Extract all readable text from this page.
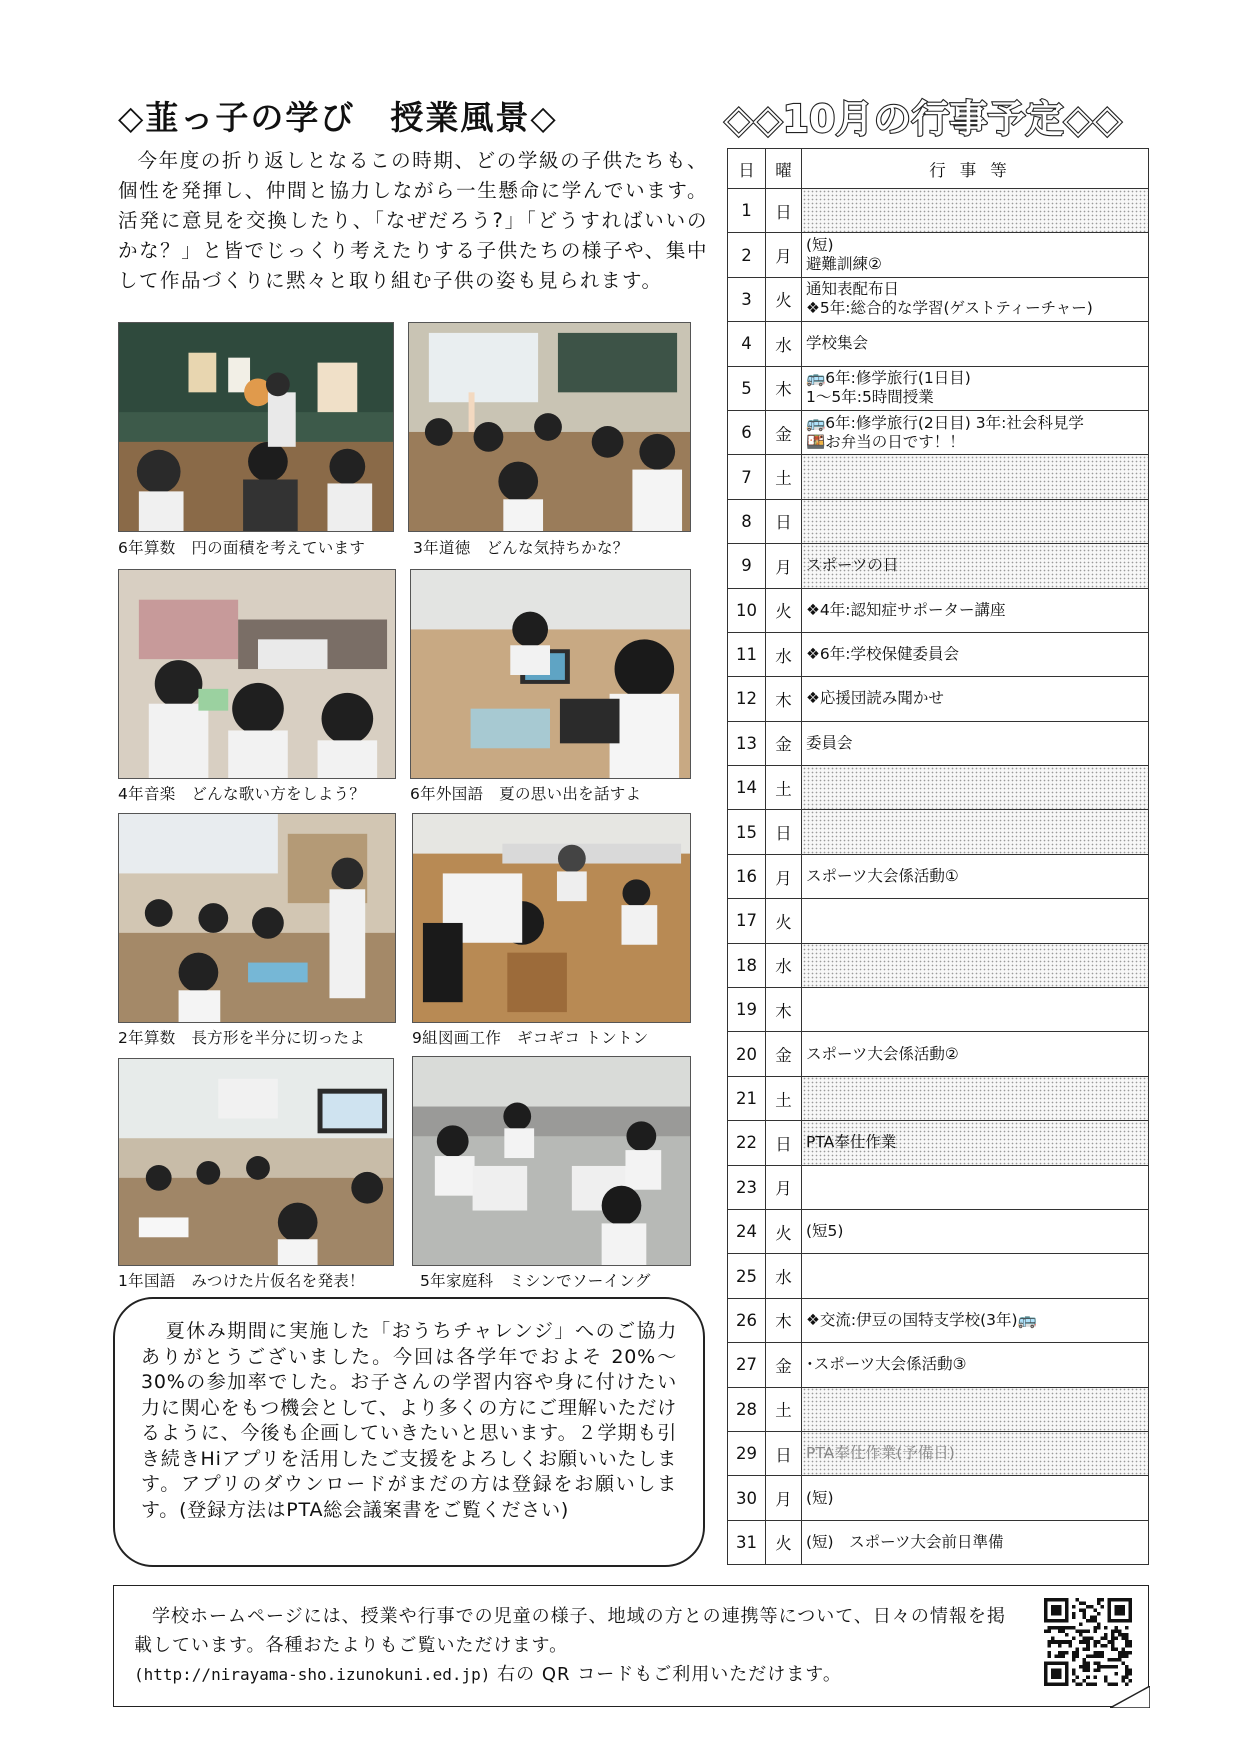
◇韮っ子の学び　授業風景◇

今年度の折り返しとなるこの時期、どの学級の子供たちも、個性を発揮し、仲間と協力しながら一生懸命に学んでいます。活発に意見を交換したり、「なぜだろう?」「どうすればいいのかな？」と皆でじっくり考えたりする子供たちの様子や、集中して作品づくりに黙々と取り組む子供の姿も見られます。

6年算数　円の面積を考えています	3年道徳　どんな気持ちかな？
4年音楽　どんな歌い方をしよう？	6年外国語　夏の思い出を話すよ
2年算数　長方形を半分に切ったよ	9組図画工作　ギコギコ トントン
1年国語　みつけた片仮名を発表！	5年家庭科　ミシンでソーイング
夏休み期間に実施した「おうちチャレンジ」へのご協力ありがとうございました。今回は各学年でおよそ 20%～30%の参加率でした。お子さんの学習内容や身に付けたい力に関心をもつ機会として、より多くの方にご理解いただけるように、今後も企画していきたいと思います。２学期も引き続きHiアプリを活用したご支援をよろしくお願いいたします。アプリのダウンロードがまだの方は登録をお願いします。(登録方法はPTA総会議案書をご覧ください)
◇◇10月の行事予定◇◇
日	曜	行事等
1	日	
2	月	(短)
避難訓練②

3	火	通知表配布日
❖5年:総合的な学習(ゲストティーチャー)

4	水	学校集会

5	木	🚌6年:修学旅行(1日目)
1～5年:5時間授業

6	金	🚌6年:修学旅行(2日目) 3年:社会科見学
🍱お弁当の日です！！

7	土	
8	日	
9	月	スポーツの日

10	火	❖4年:認知症サポーター講座

11	水	❖6年:学校保健委員会

12	木	❖応援団読み聞かせ

13	金	委員会

14	土	
15	日	
16	月	スポーツ大会係活動①

17	火	
18	水	
19	木	
20	金	スポーツ大会係活動②

21	土	
22	日	PTA奉仕作業

23	月	
24	火	(短5)

25	水	
26	木	❖交流:伊豆の国特支学校(3年)🚌

27	金	･スポーツ大会係活動③

28	土	
29	日	PTA奉仕作業(予備日)

30	月	(短)

31	火	(短)　スポーツ大会前日準備

学校ホームページには、授業や行事での児童の様子、地域の方との連携等について、日々の情報を掲載しています。各種おたよりもご覧いただけます。
(http://nirayama-sho.izunokuni.ed.jp) 右の QR コードもご利用いただけます。
